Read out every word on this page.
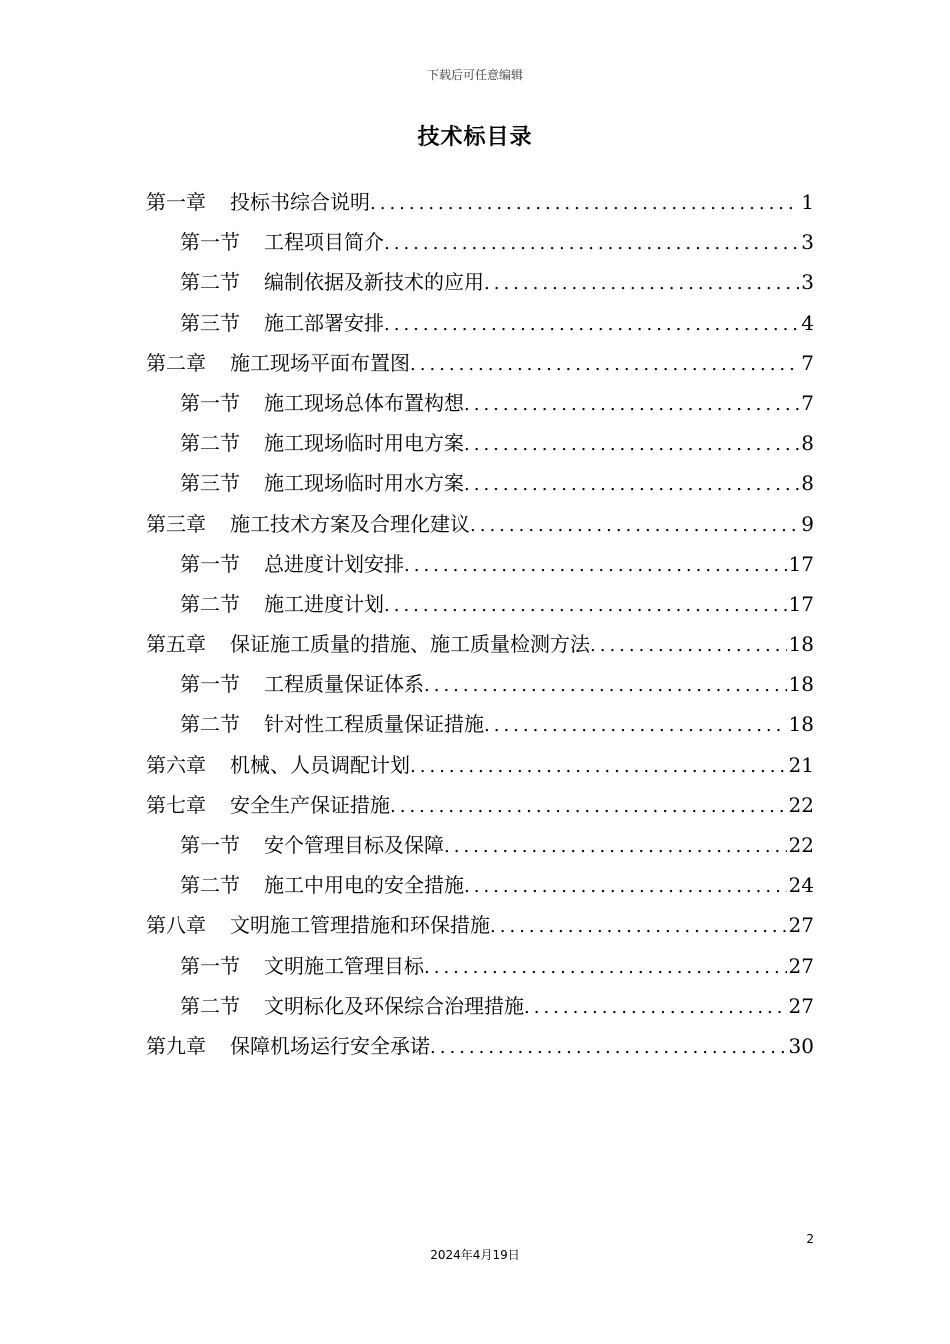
下载后可任意编辑
技术标目录
第一章	投标书综合说明 .....	1
第一节	工程项目简介 .....	3
第二节	编制依据及新技术的应用 .....	3
第三节	施工部署安排 .....	4
第二章	施工现场平面布置图 .....	7
第一节	施工现场总体布置构想 .....	7
第二节	施工现场临时用电方案 .....	8
第三节	施工现场临时用水方案 .....	8
第三章	施工技术方案及合理化建议 .....	9
第一节	总进度计划安排 .....	17
第二节	施工进度计划 .....	17
第五章	保证施工质量的措施、施工质量检测方法 .....	18
第一节	工程质量保证体系 .....	18
第二节	针对性工程质量保证措施 .....	18
第六章	机械、人员调配计划 .....	21
第七章	安全生产保证措施 .....	22
第一节	安个管理目标及保障 .....	22
第二节	施工中用电的安全措施 .....	24
第八章	文明施工管理措施和环保措施 .....	27
第一节	文明施工管理目标 .....	27
第二节	文明标化及环保综合治理措施 .....	27
第九章	保障机场运行安全承诺 .....	30
2
2024年4月19日
